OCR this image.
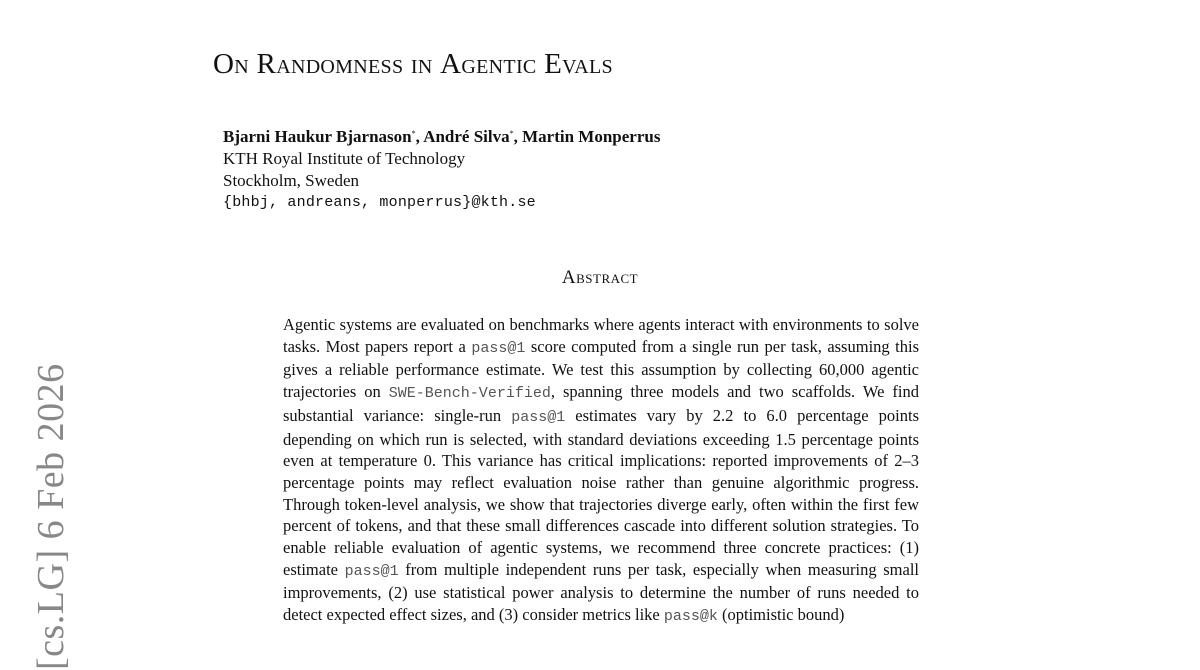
On Randomness in Agentic Evals
Bjarni Haukur Bjarnason*, André Silva*, Martin Monperrus
KTH Royal Institute of Technology
Stockholm, Sweden
{bhbj, andreans, monperrus}@kth.se
Abstract
Agentic systems are evaluated on benchmarks where agents interact with environments to solve tasks. Most papers report a pass@1 score computed from a single run per task, assuming this gives a reliable performance estimate. We test this assumption by collecting 60,000 agentic trajectories on SWE-Bench-Verified, spanning three models and two scaffolds. We find substantial variance: single-run pass@1 estimates vary by 2.2 to 6.0 percentage points depending on which run is selected, with standard deviations exceeding 1.5 percentage points even at temperature 0. This variance has critical implications: reported improvements of 2–3 percentage points may reflect evaluation noise rather than genuine algorithmic progress. Through token-level analysis, we show that trajectories diverge early, often within the first few percent of tokens, and that these small differences cascade into different solution strategies. To enable reliable evaluation of agentic systems, we recommend three concrete practices: (1) estimate pass@1 from multiple independent runs per task, especially when measuring small improvements, (2) use statistical power analysis to determine the number of runs needed to detect expected effect sizes, and (3) consider metrics like pass@k (optimistic bound)
[cs.LG] 6 Feb 2026
